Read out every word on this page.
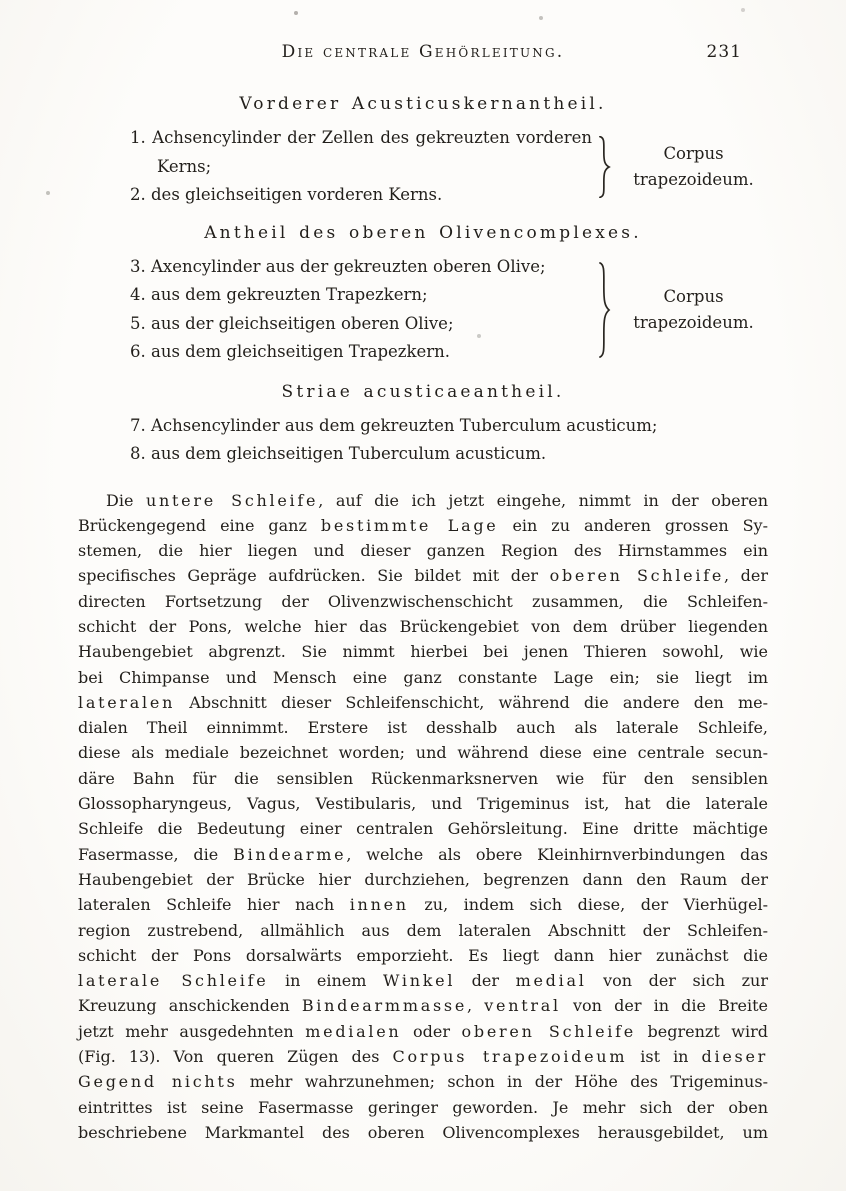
Die centrale Gehörleitung.	231
Vorderer Acusticuskernantheil.
1. Achsencylinder der Zellen des gekreuzten vorderen Kerns;
2. des gleichseitigen vorderen Kerns.
Corpus trapezoideum.
Antheil des oberen Olivencomplexes.
3. Axencylinder aus der gekreuzten oberen Olive;
4. aus dem gekreuzten Trapezkern;
5. aus der gleichseitigen oberen Olive;
6. aus dem gleichseitigen Trapezkern.
Corpus trapezoideum.
Striae acusticaeantheil.
7. Achsencylinder aus dem gekreuzten Tuberculum acusticum;
8. aus dem gleichseitigen Tuberculum acusticum.
Die untere Schleife, auf die ich jetzt eingehe, nimmt in der oberen
Brückengegend eine ganz bestimmte Lage ein zu anderen grossen Sy-
stemen, die hier liegen und dieser ganzen Region des Hirnstammes ein
specifisches Gepräge aufdrücken. Sie bildet mit der oberen Schleife, der
directen Fortsetzung der Olivenzwischenschicht zusammen, die Schleifen-
schicht der Pons, welche hier das Brückengebiet von dem drüber liegenden
Haubengebiet abgrenzt. Sie nimmt hierbei bei jenen Thieren sowohl, wie
bei Chimpanse und Mensch eine ganz constante Lage ein; sie liegt im
lateralen Abschnitt dieser Schleifenschicht, während die andere den me-
dialen Theil einnimmt. Erstere ist desshalb auch als laterale Schleife,
diese als mediale bezeichnet worden; und während diese eine centrale secun-
däre Bahn für die sensiblen Rückenmarksnerven wie für den sensiblen
Glossopharyngeus, Vagus, Vestibularis, und Trigeminus ist, hat die laterale
Schleife die Bedeutung einer centralen Gehörsleitung. Eine dritte mächtige
Fasermasse, die Bindearme, welche als obere Kleinhirnverbindungen das
Haubengebiet der Brücke hier durchziehen, begrenzen dann den Raum der
lateralen Schleife hier nach innen zu, indem sich diese, der Vierhügel-
region zustrebend, allmählich aus dem lateralen Abschnitt der Schleifen-
schicht der Pons dorsalwärts emporzieht. Es liegt dann hier zunächst die
laterale Schleife in einem Winkel der medial von der sich zur
Kreuzung anschickenden Bindearmmasse, ventral von der in die Breite
jetzt mehr ausgedehnten medialen oder oberen Schleife begrenzt wird
(Fig. 13). Von queren Zügen des Corpus trapezoideum ist in dieser
Gegend nichts mehr wahrzunehmen; schon in der Höhe des Trigeminus-
eintrittes ist seine Fasermasse geringer geworden. Je mehr sich der oben
beschriebene Markmantel des oberen Olivencomplexes herausgebildet, um
